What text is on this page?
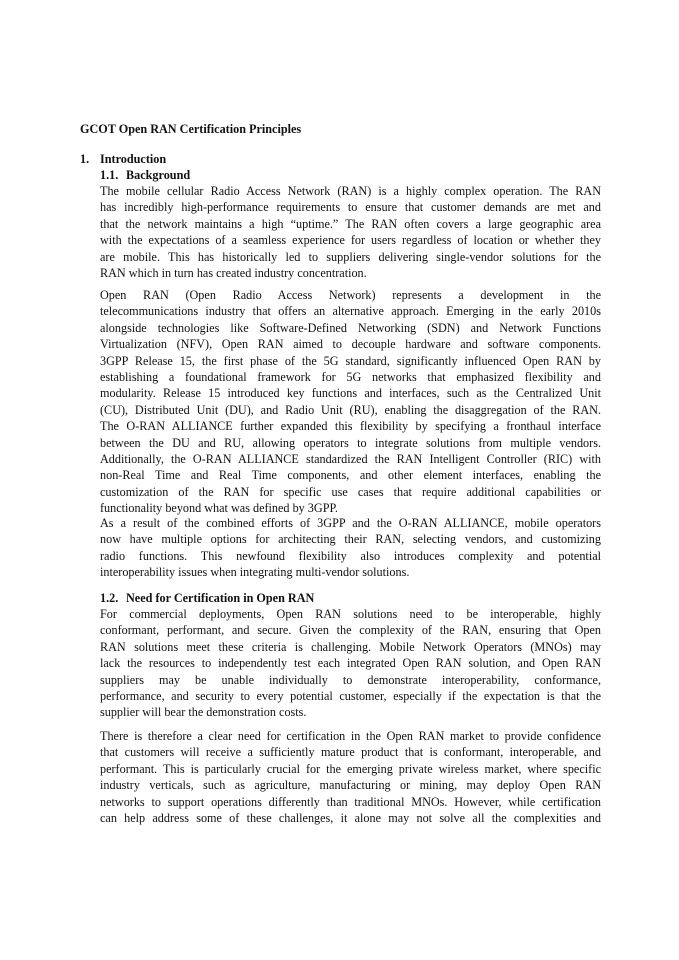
GCOT Open RAN Certification Principles
1. Introduction
1.1. Background
The mobile cellular Radio Access Network (RAN) is a highly complex operation. The RAN
has incredibly high-performance requirements to ensure that customer demands are met and
that the network maintains a high “uptime.” The RAN often covers a large geographic area
with the expectations of a seamless experience for users regardless of location or whether they
are mobile. This has historically led to suppliers delivering single-vendor solutions for the
RAN which in turn has created industry concentration.
Open RAN (Open Radio Access Network) represents a development in the
telecommunications industry that offers an alternative approach. Emerging in the early 2010s
alongside technologies like Software-Defined Networking (SDN) and Network Functions
Virtualization (NFV), Open RAN aimed to decouple hardware and software components.
3GPP Release 15, the first phase of the 5G standard, significantly influenced Open RAN by
establishing a foundational framework for 5G networks that emphasized flexibility and
modularity. Release 15 introduced key functions and interfaces, such as the Centralized Unit
(CU), Distributed Unit (DU), and Radio Unit (RU), enabling the disaggregation of the RAN.
The O-RAN ALLIANCE further expanded this flexibility by specifying a fronthaul interface
between the DU and RU, allowing operators to integrate solutions from multiple vendors.
Additionally, the O-RAN ALLIANCE standardized the RAN Intelligent Controller (RIC) with
non-Real Time and Real Time components, and other element interfaces, enabling the
customization of the RAN for specific use cases that require additional capabilities or
functionality beyond what was defined by 3GPP.
As a result of the combined efforts of 3GPP and the O-RAN ALLIANCE, mobile operators
now have multiple options for architecting their RAN, selecting vendors, and customizing
radio functions. This newfound flexibility also introduces complexity and potential
interoperability issues when integrating multi-vendor solutions.
1.2. Need for Certification in Open RAN
For commercial deployments, Open RAN solutions need to be interoperable, highly
conformant, performant, and secure. Given the complexity of the RAN, ensuring that Open
RAN solutions meet these criteria is challenging. Mobile Network Operators (MNOs) may
lack the resources to independently test each integrated Open RAN solution, and Open RAN
suppliers may be unable individually to demonstrate interoperability, conformance,
performance, and security to every potential customer, especially if the expectation is that the
supplier will bear the demonstration costs.
There is therefore a clear need for certification in the Open RAN market to provide confidence
that customers will receive a sufficiently mature product that is conformant, interoperable, and
performant. This is particularly crucial for the emerging private wireless market, where specific
industry verticals, such as agriculture, manufacturing or mining, may deploy Open RAN
networks to support operations differently than traditional MNOs. However, while certification
can help address some of these challenges, it alone may not solve all the complexities and
